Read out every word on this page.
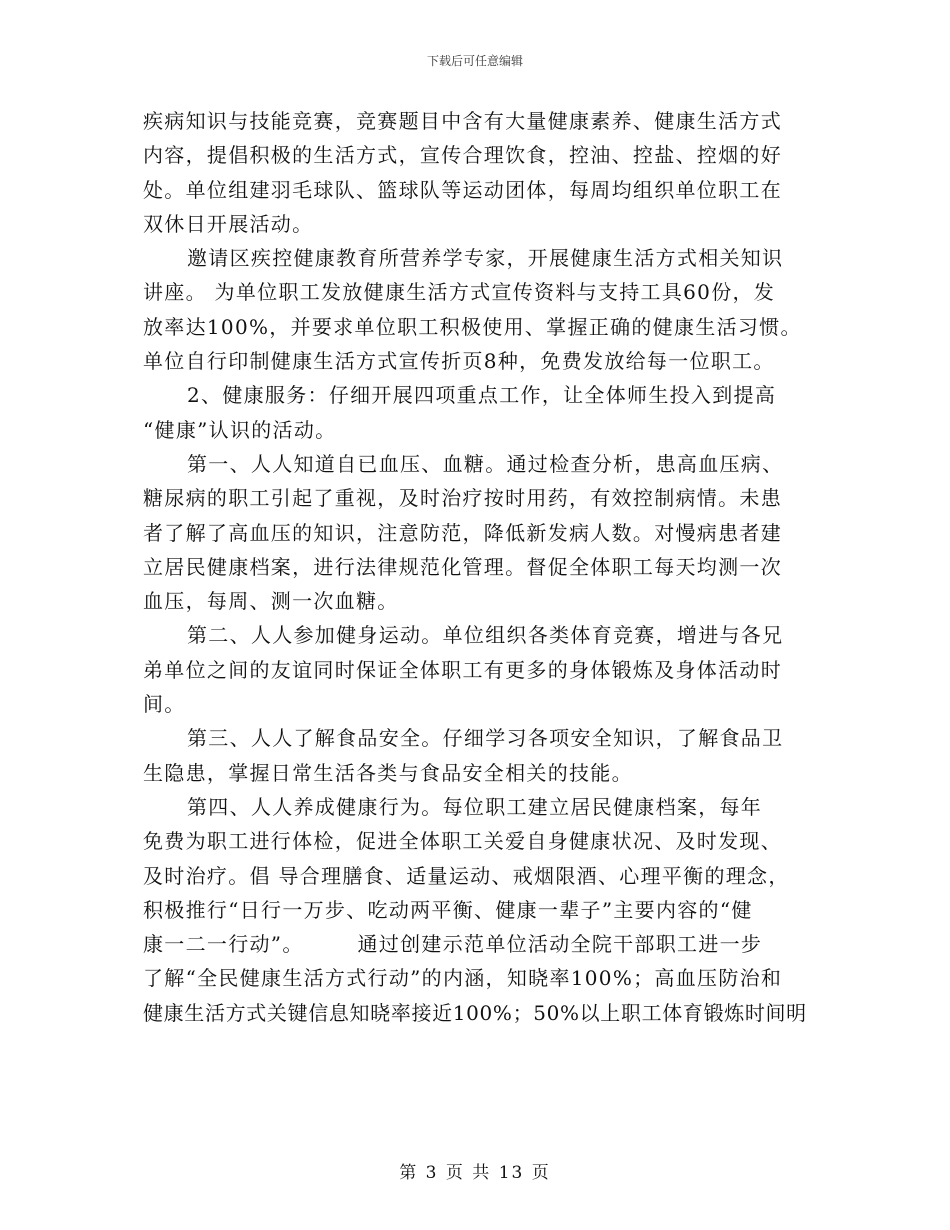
下载后可任意编辑
疾病知识与技能竞赛，竞赛题目中含有大量健康素养、健康生活方式
内容，提倡积极的生活方式，宣传合理饮食，控油、控盐、控烟的好
处。单位组建羽毛球队、篮球队等运动团体，每周均组织单位职工在
双休日开展活动。
邀请区疾控健康教育所营养学专家，开展健康生活方式相关知识
讲座。 为单位职工发放健康生活方式宣传资料与支持工具60份，发
放率达100%，并要求单位职工积极使用、掌握正确的健康生活习惯。
单位自行印制健康生活方式宣传折页8种，免费发放给每一位职工。
2、健康服务：仔细开展四项重点工作，让全体师生投入到提高
“健康”认识的活动。
第一、人人知道自已血压、血糖。通过检查分析，患高血压病、
糖尿病的职工引起了重视，及时治疗按时用药，有效控制病情。未患
者了解了高血压的知识，注意防范，降低新发病人数。对慢病患者建
立居民健康档案，进行法律规范化管理。督促全体职工每天均测一次
血压，每周、测一次血糖。
第二、人人参加健身运动。单位组织各类体育竞赛，增进与各兄
弟单位之间的友谊同时保证全体职工有更多的身体锻炼及身体活动时
间。
第三、人人了解食品安全。仔细学习各项安全知识，了解食品卫
生隐患，掌握日常生活各类与食品安全相关的技能。
第四、人人养成健康行为。每位职工建立居民健康档案，每年
免费为职工进行体检，促进全体职工关爱自身健康状况、及时发现、
及时治疗。倡 导合理膳食、适量运动、戒烟限酒、心理平衡的理念，
积极推行“日行一万步、吃动两平衡、健康一辈子”主要内容的“健
康一二一行动”。　　　通过创建示范单位活动全院干部职工进一步
了解“全民健康生活方式行动”的内涵，知晓率100%；高血压防治和
健康生活方式关键信息知晓率接近100%；50%以上职工体育锻炼时间明
第 3 页 共 13 页
